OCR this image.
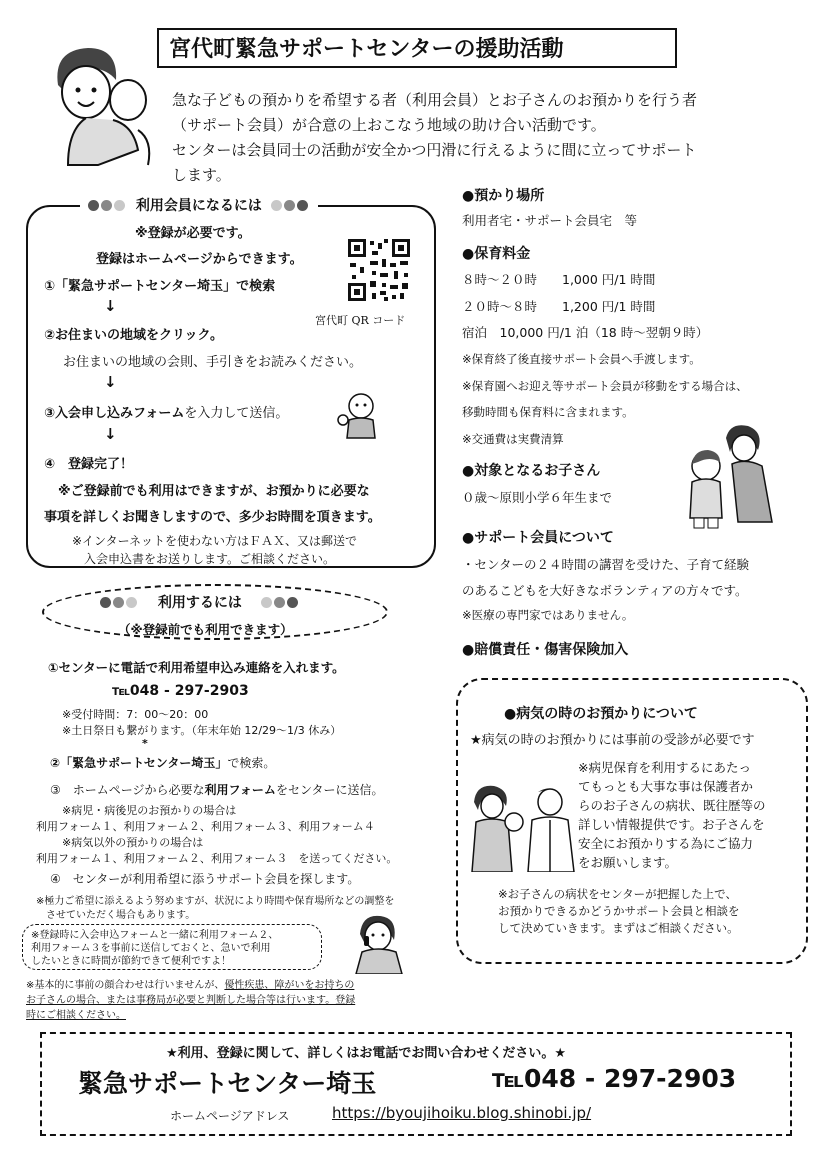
宮代町緊急サポートセンターの援助活動
急な子どもの預かりを希望する者（利用会員）とお子さんのお預かりを行う者
（サポート会員）が合意の上おこなう地域の助け合い活動です。
センターは会員同士の活動が安全かつ円滑に行えるように間に立ってサポート
します。
利用会員になるには
※登録が必要です。
登録はホームページからできます。
①「緊急サポートセンター埼玉」で検索
↓
②お住まいの地域をクリック。
お住まいの地域の会則、手引きをお読みください。
↓
③入会申し込みフォームを入力して送信。
↓
④　登録完了！
※ご登録前でも利用はできますが、お預かりに必要な
事項を詳しくお聞きしますので、多少お時間を頂きます。
※インターネットを使わない方はＦＡＸ、又は郵送で
入会申込書をお送りします。ご相談ください。
宮代町 QR コード
利用するには
（※登録前でも利用できます）
①センターに電話で利用希望申込み連絡を入れます。
℡048 - 297-2903
※受付時間：7：00～20：00
※土日祭日も繋がります。（年末年始 12/29～1/3 休み）
*
②「緊急サポートセンター埼玉」で検索。
③　ホームページから必要な利用フォームをセンターに送信。
※病児・病後児のお預かりの場合は
利用フォーム１、利用フォーム２、利用フォーム３、利用フォーム４
※病気以外の預かりの場合は
利用フォーム１、利用フォーム２、利用フォーム３　を送ってください。
④　センターが利用希望に添うサポート会員を探します。
※極力ご希望に添えるよう努めますが、状況により時間や保育場所などの調整を
させていただく場合もあります。
※登録時に入会申込フォームと一緒に利用フォーム２、
利用フォーム３を事前に送信しておくと、急いで利用
したいときに時間が節約できて便利ですよ！
※基本的に事前の顔合わせは行いませんが、優性疾患、障がいをお持ちの
お子さんの場合、または事務局が必要と判断した場合等は行います。登録
時にご相談ください。
●預かり場所
利用者宅・サポート会員宅　等
●保育料金
８時～２０時　　1,000 円/1 時間
２０時～８時　　1,200 円/1 時間
宿泊　10,000 円/1 泊（18 時～翌朝９時）
※保育終了後直接サポート会員へ手渡します。
※保育園へお迎え等サポート会員が移動をする場合は、
移動時間も保育料に含まれます。
※交通費は実費清算
●対象となるお子さん
０歳～原則小学６年生まで
●サポート会員について
・センターの２４時間の講習を受けた、子育て経験
のあるこどもを大好きなボランティアの方々です。
※医療の専門家ではありません。
●賠償責任・傷害保険加入
●病気の時のお預かりについて
★病気の時のお預かりには事前の受診が必要です
※病児保育を利用するにあたっ
てもっとも大事な事は保護者か
らのお子さんの病状、既往歴等の
詳しい情報提供です。お子さんを
安全にお預かりする為にご協力
をお願いします。
※お子さんの病状をセンターが把握した上で、
お預かりできるかどうかサポート会員と相談を
して決めていきます。まずはご相談ください。
★利用、登録に関して、詳しくはお電話でお問い合わせください。★
緊急サポートセンター埼玉	℡048 - 297-2903
ホームページアドレス	https://byoujihoiku.blog.shinobi.jp/
